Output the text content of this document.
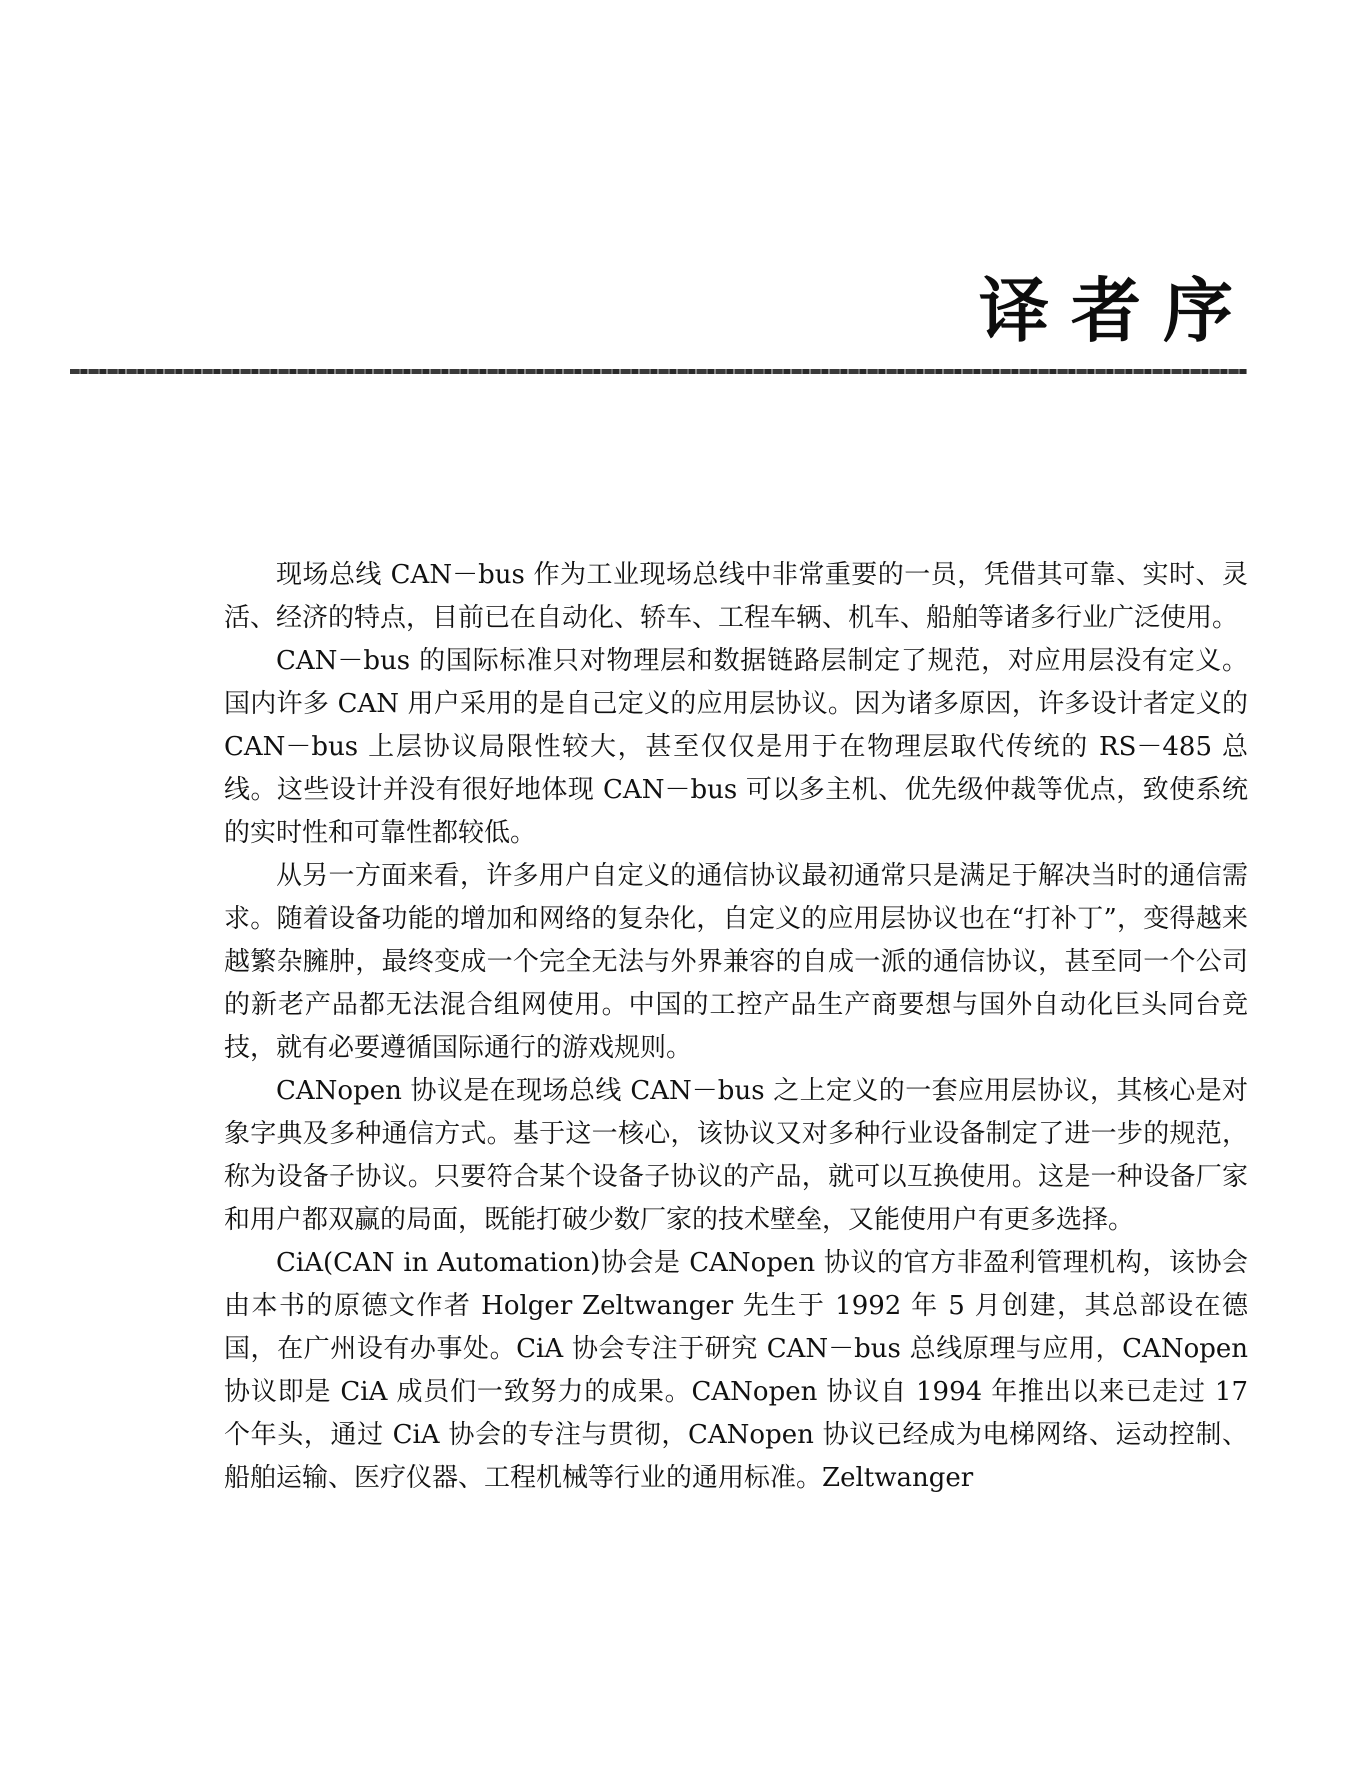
译者序

现场总线 CAN－bus 作为工业现场总线中非常重要的一员，凭借其可靠、实时、灵活、经济的特点，目前已在自动化、轿车、工程车辆、机车、船舶等诸多行业广泛使用。

CAN－bus 的国际标准只对物理层和数据链路层制定了规范，对应用层没有定义。国内许多 CAN 用户采用的是自己定义的应用层协议。因为诸多原因，许多设计者定义的 CAN－bus 上层协议局限性较大，甚至仅仅是用于在物理层取代传统的 RS－485 总线。这些设计并没有很好地体现 CAN－bus 可以多主机、优先级仲裁等优点，致使系统的实时性和可靠性都较低。

从另一方面来看，许多用户自定义的通信协议最初通常只是满足于解决当时的通信需求。随着设备功能的增加和网络的复杂化，自定义的应用层协议也在“打补丁”，变得越来越繁杂臃肿，最终变成一个完全无法与外界兼容的自成一派的通信协议，甚至同一个公司的新老产品都无法混合组网使用。中国的工控产品生产商要想与国外自动化巨头同台竞技，就有必要遵循国际通行的游戏规则。

CANopen 协议是在现场总线 CAN－bus 之上定义的一套应用层协议，其核心是对象字典及多种通信方式。基于这一核心，该协议又对多种行业设备制定了进一步的规范，称为设备子协议。只要符合某个设备子协议的产品，就可以互换使用。这是一种设备厂家和用户都双赢的局面，既能打破少数厂家的技术壁垒，又能使用户有更多选择。

CiA(CAN in Automation)协会是 CANopen 协议的官方非盈利管理机构，该协会由本书的原德文作者 Holger Zeltwanger 先生于 1992 年 5 月创建，其总部设在德国，在广州设有办事处。CiA 协会专注于研究 CAN－bus 总线原理与应用，CANopen 协议即是 CiA 成员们一致努力的成果。CANopen 协议自 1994 年推出以来已走过 17 个年头，通过 CiA 协会的专注与贯彻，CANopen 协议已经成为电梯网络、运动控制、船舶运输、医疗仪器、工程机械等行业的通用标准。Zeltwanger
